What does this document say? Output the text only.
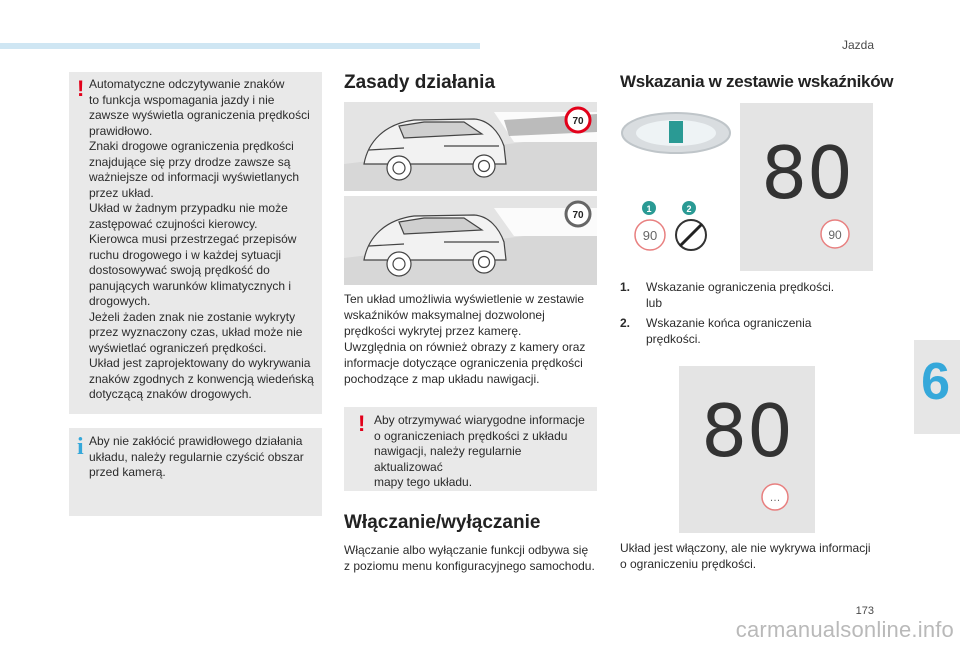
Jazda
6
! Automatyczne odczytywanie znaków
to funkcja wspomagania jazdy i nie
zawsze wyświetla ograniczenia prędkości
prawidłowo.
Znaki drogowe ograniczenia prędkości
znajdujące się przy drodze zawsze są
ważniejsze od informacji wyświetlanych
przez układ.
Układ w żadnym przypadku nie może
zastępować czujności kierowcy.
Kierowca musi przestrzegać przepisów
ruchu drogowego i w każdej sytuacji
dostosowywać swoją prędkość do
panujących warunków klimatycznych i
drogowych.
Jeżeli żaden znak nie zostanie wykryty
przez wyznaczony czas, układ może nie
wyświetlać ograniczeń prędkości.
Układ jest zaprojektowany do wykrywania
znaków zgodnych z konwencją wiedeńską
dotyczącą znaków drogowych.
i Aby nie zakłócić prawidłowego działania
układu, należy regularnie czyścić obszar
przed kamerą.
Zasady działania
70
70
Ten układ umożliwia wyświetlenie w zestawie
wskaźników maksymalnej dozwolonej
prędkości wykrytej przez kamerę.
Uwzględnia on również obrazy z kamery oraz
informacje dotyczące ograniczenia prędkości
pochodzące z map układu nawigacji.
! Aby otrzymywać wiarygodne informacje
o ograniczeniach prędkości z układu
nawigacji, należy regularnie aktualizować
mapy tego układu.
Włączanie/wyłączanie
Włączanie albo wyłączanie funkcji odbywa się
z poziomu menu konfiguracyjnego samochodu.
Wskazania w zestawie wskaźników
1	2
90
80
90
1.	Wskazanie ograniczenia prędkości.
lub
2.	Wskazanie końca ograniczenia
prędkości.
80
…
Układ jest włączony, ale nie wykrywa informacji
o ograniczeniu prędkości.
173
carmanualsonline.info
